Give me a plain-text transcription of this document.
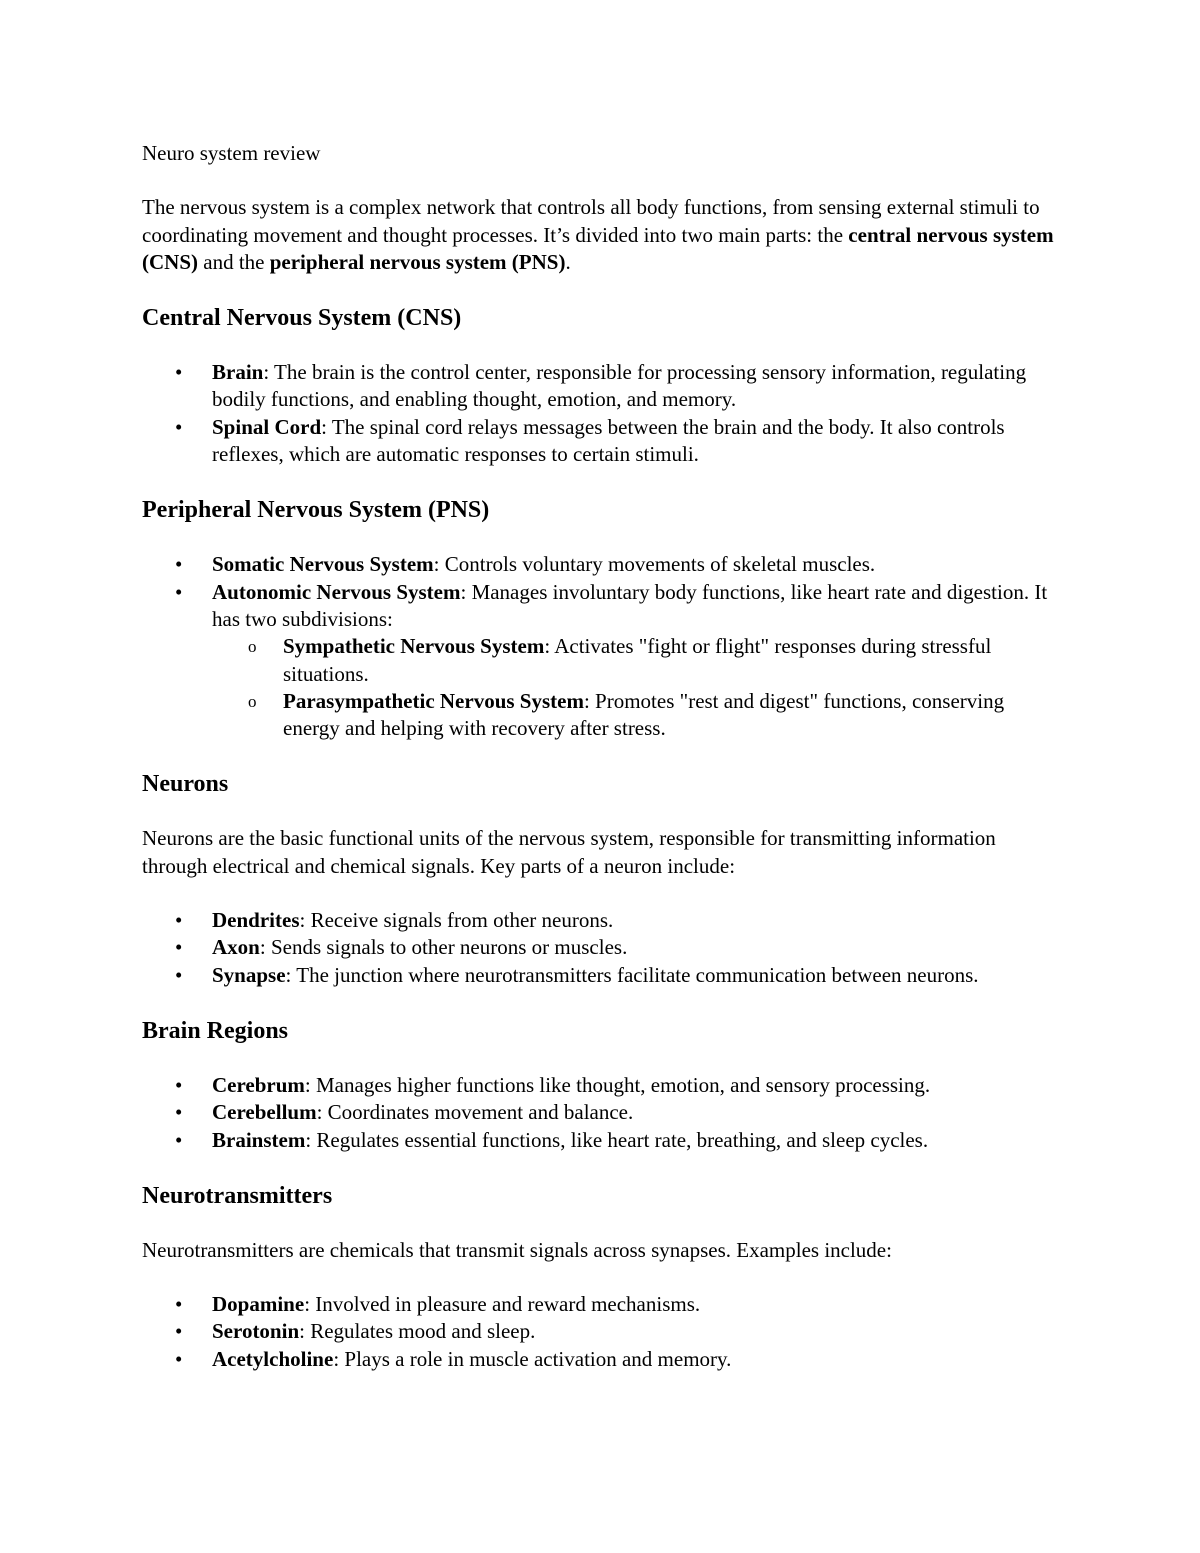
Neuro system review

The nervous system is a complex network that controls all body functions, from sensing external stimuli to coordinating movement and thought processes. It’s divided into two main parts: the central nervous system (CNS) and the peripheral nervous system (PNS).

Central Nervous System (CNS)
• Brain: The brain is the control center, responsible for processing sensory information, regulating bodily functions, and enabling thought, emotion, and memory.
• Spinal Cord: The spinal cord relays messages between the brain and the body. It also controls reflexes, which are automatic responses to certain stimuli.
Peripheral Nervous System (PNS)
• Somatic Nervous System: Controls voluntary movements of skeletal muscles.
• Autonomic Nervous System: Manages involuntary body functions, like heart rate and digestion. It has two subdivisions:
o Sympathetic Nervous System: Activates "fight or flight" responses during stressful situations.
o Parasympathetic Nervous System: Promotes "rest and digest" functions, conserving energy and helping with recovery after stress.
Neurons

Neurons are the basic functional units of the nervous system, responsible for transmitting information through electrical and chemical signals. Key parts of a neuron include:

• Dendrites: Receive signals from other neurons.
• Axon: Sends signals to other neurons or muscles.
• Synapse: The junction where neurotransmitters facilitate communication between neurons.
Brain Regions
• Cerebrum: Manages higher functions like thought, emotion, and sensory processing.
• Cerebellum: Coordinates movement and balance.
• Brainstem: Regulates essential functions, like heart rate, breathing, and sleep cycles.
Neurotransmitters

Neurotransmitters are chemicals that transmit signals across synapses. Examples include:

• Dopamine: Involved in pleasure and reward mechanisms.
• Serotonin: Regulates mood and sleep.
• Acetylcholine: Plays a role in muscle activation and memory.
